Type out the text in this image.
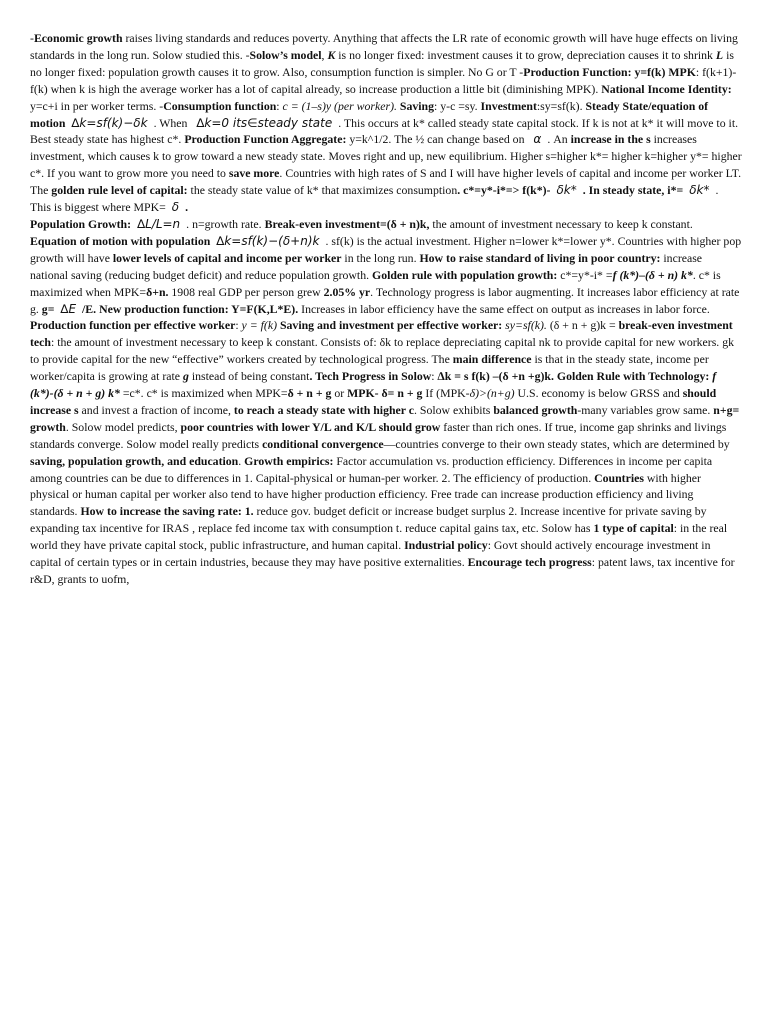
-Economic growth raises living standards and reduces poverty. Anything that affects the LR rate of economic growth will have huge effects on living standards in the long run. Solow studied this. -Solow’s model, K is no longer fixed: investment causes it to grow, depreciation causes it to shrink L is no longer fixed: population growth causes it to grow. Also, consumption function is simpler. No G or T -Production Function: y=f(k) MPK: f(k+1)-f(k) when k is high the average worker has a lot of capital already, so increase production a little bit (diminishing MPK). National Income Identity: y=c+i in per worker terms. -Consumption function: c = (1–s)y (per worker). Saving: y-c =sy. Investment:sy=sf(k). Steady State/equation of motion ∆k=sf(k)−δk . When ∆k=0 its∈steady state . This occurs at k* called steady state capital stock. If k is not at k* it will move to it. Best steady state has highest c*. Production Function Aggregate: y=k^1/2. The ½ can change based on α . An increase in the s increases investment, which causes k to grow toward a new steady state. Moves right and up, new equilibrium. Higher s=higher k*= higher k=higher y*= higher c*. If you want to grow more you need to save more. Countries with high rates of S and I will have higher levels of capital and income per worker LT. The golden rule level of capital: the steady state value of k* that maximizes consumption. c*=y*-i*=> f(k*)- δk* . In steady state, i*= δk* . This is biggest where MPK= δ .
Population Growth: ∆L/L=n . n=growth rate. Break-even investment=(δ + n)k, the amount of investment necessary to keep k constant. Equation of motion with population ∆k=sf(k)−(δ+n)k . sf(k) is the actual investment. Higher n=lower k*=lower y*. Countries with higher pop growth will have lower levels of capital and income per worker in the long run. How to raise standard of living in poor country: increase national saving (reducing budget deficit) and reduce population growth. Golden rule with population growth: c*=y*-i* =f (k*)–(δ + n) k*. c* is maximized when MPK=δ+n. 1908 real GDP per person grew 2.05% yr. Technology progress is labor augmenting. It increases labor efficiency at rate g. g= ∆E /E. New production function: Y=F(K,L*E). Increases in labor efficiency have the same effect on output as increases in labor force. Production function per effective worker: y = f(k) Saving and investment per effective worker: sy=sf(k). (δ + n + g)k = break-even investment tech: the amount of investment necessary to keep k constant. Consists of: δk to replace depreciating capital nk to provide capital for new workers. gk to provide capital for the new “effective” workers created by technological progress. The main difference is that in the steady state, income per worker/capita is growing at rate g instead of being constant. Tech Progress in Solow: ∆k = s f(k) –(δ +n +g)k. Golden Rule with Technology: f (k*)-(δ + n + g) k* =c*. c* is maximized when MPK=δ + n + g or MPK- δ= n + g If (MPK-δ)>(n+g) U.S. economy is below GRSS and should increase s and invest a fraction of income, to reach a steady state with higher c. Solow exhibits balanced growth-many variables grow same. n+g= growth. Solow model predicts, poor countries with lower Y/L and K/L should grow faster than rich ones. If true, income gap shrinks and livings standards converge. Solow model really predicts conditional convergence—countries converge to their own steady states, which are determined by saving, population growth, and education. Growth empirics: Factor accumulation vs. production efficiency. Differences in income per capita among countries can be due to differences in 1. Capital-physical or human-per worker. 2. The efficiency of production. Countries with higher physical or human capital per worker also tend to have higher production efficiency. Free trade can increase production efficiency and living standards. How to increase the saving rate: 1. reduce gov. budget deficit or increase budget surplus 2. Increase incentive for private saving by expanding tax incentive for IRAS , replace fed income tax with consumption t. reduce capital gains tax, etc. Solow has 1 type of capital: in the real world they have private capital stock, public infrastructure, and human capital. Industrial policy: Govt should actively encourage investment in capital of certain types or in certain industries, because they may have positive externalities. Encourage tech progress: patent laws, tax incentive for r&D, grants to uofm,
